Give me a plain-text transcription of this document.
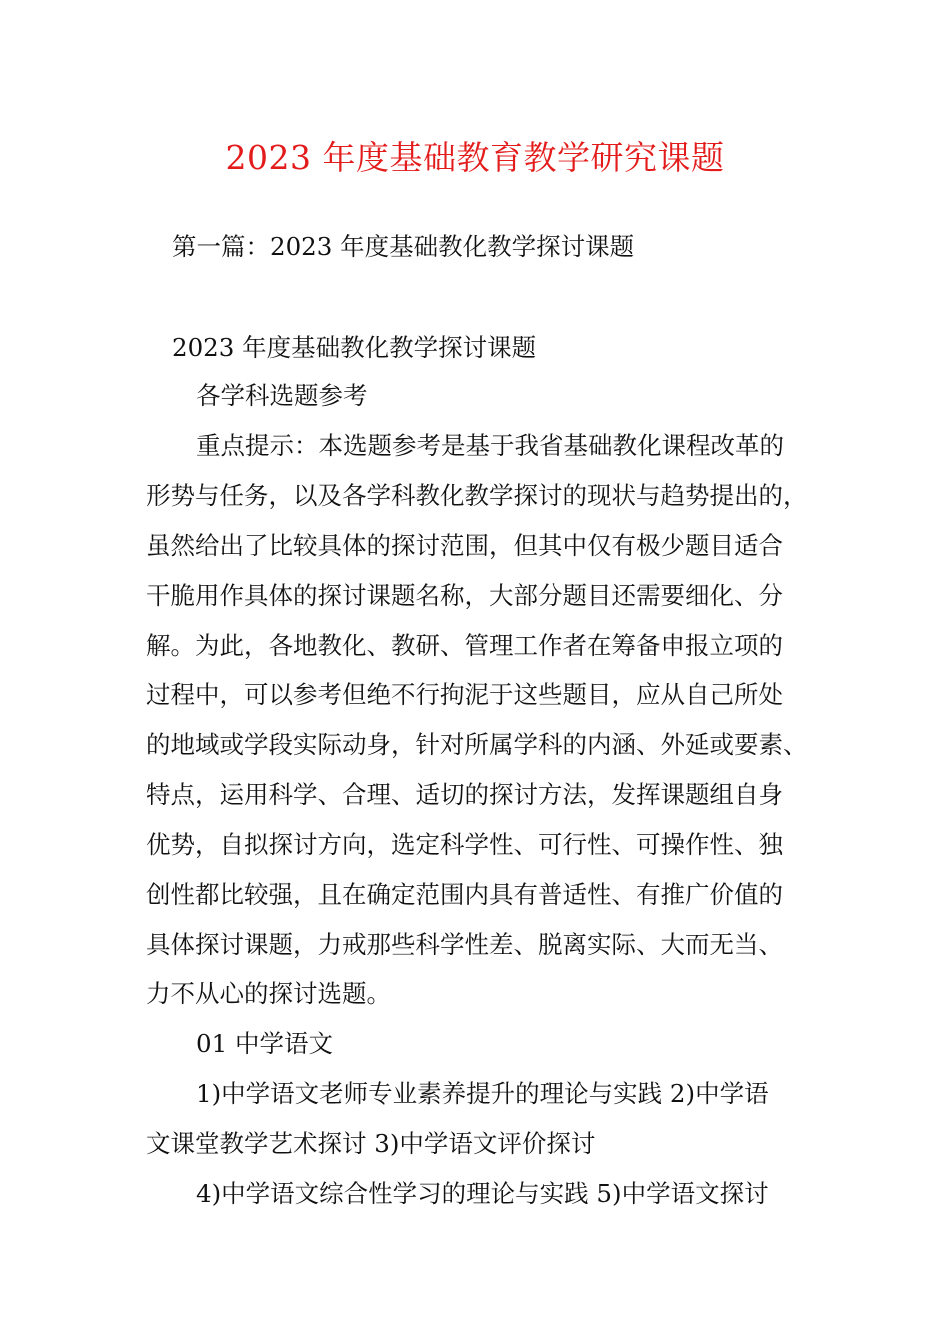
2023 年度基础教育教学研究课题

第一篇：2023 年度基础教化教学探讨课题

2023 年度基础教化教学探讨课题

各学科选题参考

重点提示：本选题参考是基于我省基础教化课程改革的

形势与任务，以及各学科教化教学探讨的现状与趋势提出的，

虽然给出了比较具体的探讨范围，但其中仅有极少题目适合

干脆用作具体的探讨课题名称，大部分题目还需要细化、分

解。为此，各地教化、教研、管理工作者在筹备申报立项的

过程中，可以参考但绝不行拘泥于这些题目，应从自己所处

的地域或学段实际动身，针对所属学科的内涵、外延或要素、

特点，运用科学、合理、适切的探讨方法，发挥课题组自身

优势，自拟探讨方向，选定科学性、可行性、可操作性、独

创性都比较强，且在确定范围内具有普适性、有推广价值的

具体探讨课题，力戒那些科学性差、脱离实际、大而无当、

力不从心的探讨选题。

01 中学语文

1)中学语文老师专业素养提升的理论与实践 2)中学语

文课堂教学艺术探讨 3)中学语文评价探讨

4)中学语文综合性学习的理论与实践 5)中学语文探讨
